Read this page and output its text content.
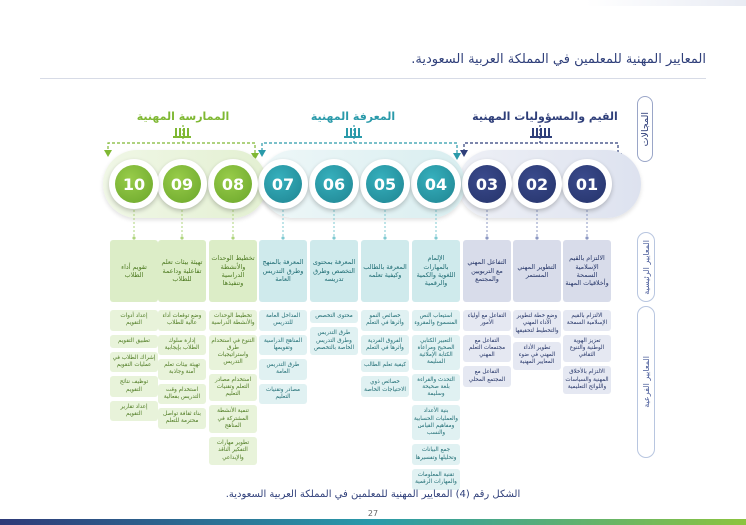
المعايير المهنية للمعلمين في المملكة العربية السعودية.
المجالات
المعايير الرئيسية
المعايير الفرعية
القيم والمسؤوليات المهنية
المعرفة المهنية
الممارسة المهنية
01
الالتزام بالقيم الإسلامية السمحة وأخلاقيات المهنة
الالتزام بالقيم الإسلامية السمحة
تعزيز الهوية الوطنية والتنوع الثقافي
الالتزام بالأخلاق المهنية والسياسات واللوائح التعليمية
02
التطوير المهني المستمر
وضع خطة لتطوير الأداء المهني والتخطيط لتحقيقها
تطوير الأداء المهني في ضوء المعايير المهنية
03
التفاعل المهني مع التربويين والمجتمع
التفاعل مع أولياء الأمور
التفاعل مع مجتمعات التعلم المهني
التفاعل مع المجتمع المحلي
04
الإلمام بالمهارات اللغوية والكمية والرقمية
استيعاب النص المسموع والمقروء
التعبير الكتابي الصحيح ومراعاة الكتابة الإملائية السليمة
التحدث والقراءة بلغة صحيحة وسليمة
بنية الأعداد والعمليات الحسابية ومفاهيم القياس والنسب
جمع البيانات وتحليلها وتفسيرها
تقنية المعلومات والمهارات الرقمية
05
المعرفة بالطالب وكيفية تعلمه
خصائص النمو وأثرها في التعلم
الفروق الفردية وأثرها في التعلم
كيفية تعلم الطالب
خصائص ذوي الاحتياجات الخاصة
06
المعرفة بمحتوى التخصص وطرق تدريسه
محتوى التخصص
طرق التدريس وطرق التدريس الخاصة بالتخصص
07
المعرفة بالمنهج وطرق التدريس العامة
المداخل العامة للتدريس
المناهج الدراسية وتقويمها
طرق التدريس العامة
مصادر وتقنيات التعليم
08
تخطيط الوحدات والأنشطة الدراسية وتنفيذها
تخطيط الوحدات والأنشطة الدراسية
التنوع في استخدام طرق واستراتيجيات التدريس
استخدام مصادر التعلم وتقنيات التعليم
تنمية الأنشطة المشتركة في المناهج
تطوير مهارات التفكير الناقد والإبداعي
09
تهيئة بيئات تعلم تفاعلية وداعمة للطلاب
وضع توقعات أداء عالية للطلاب
إدارة سلوك الطلاب بإيجابية
تهيئة بيئات تعلم آمنة وجاذبة
استخدام وقت التدريس بفعالية
بناء ثقافة تواصل محترمة للتعلم
10
تقويم أداء الطلاب
إعداد أدوات التقويم
تطبيق التقويم
إشراك الطلاب في عمليات التقويم
توظيف نتائج التقويم
إعداد تقارير التقويم
الشكل رقم (4) المعايير المهنية للمعلمين في المملكة العربية السعودية.
27
